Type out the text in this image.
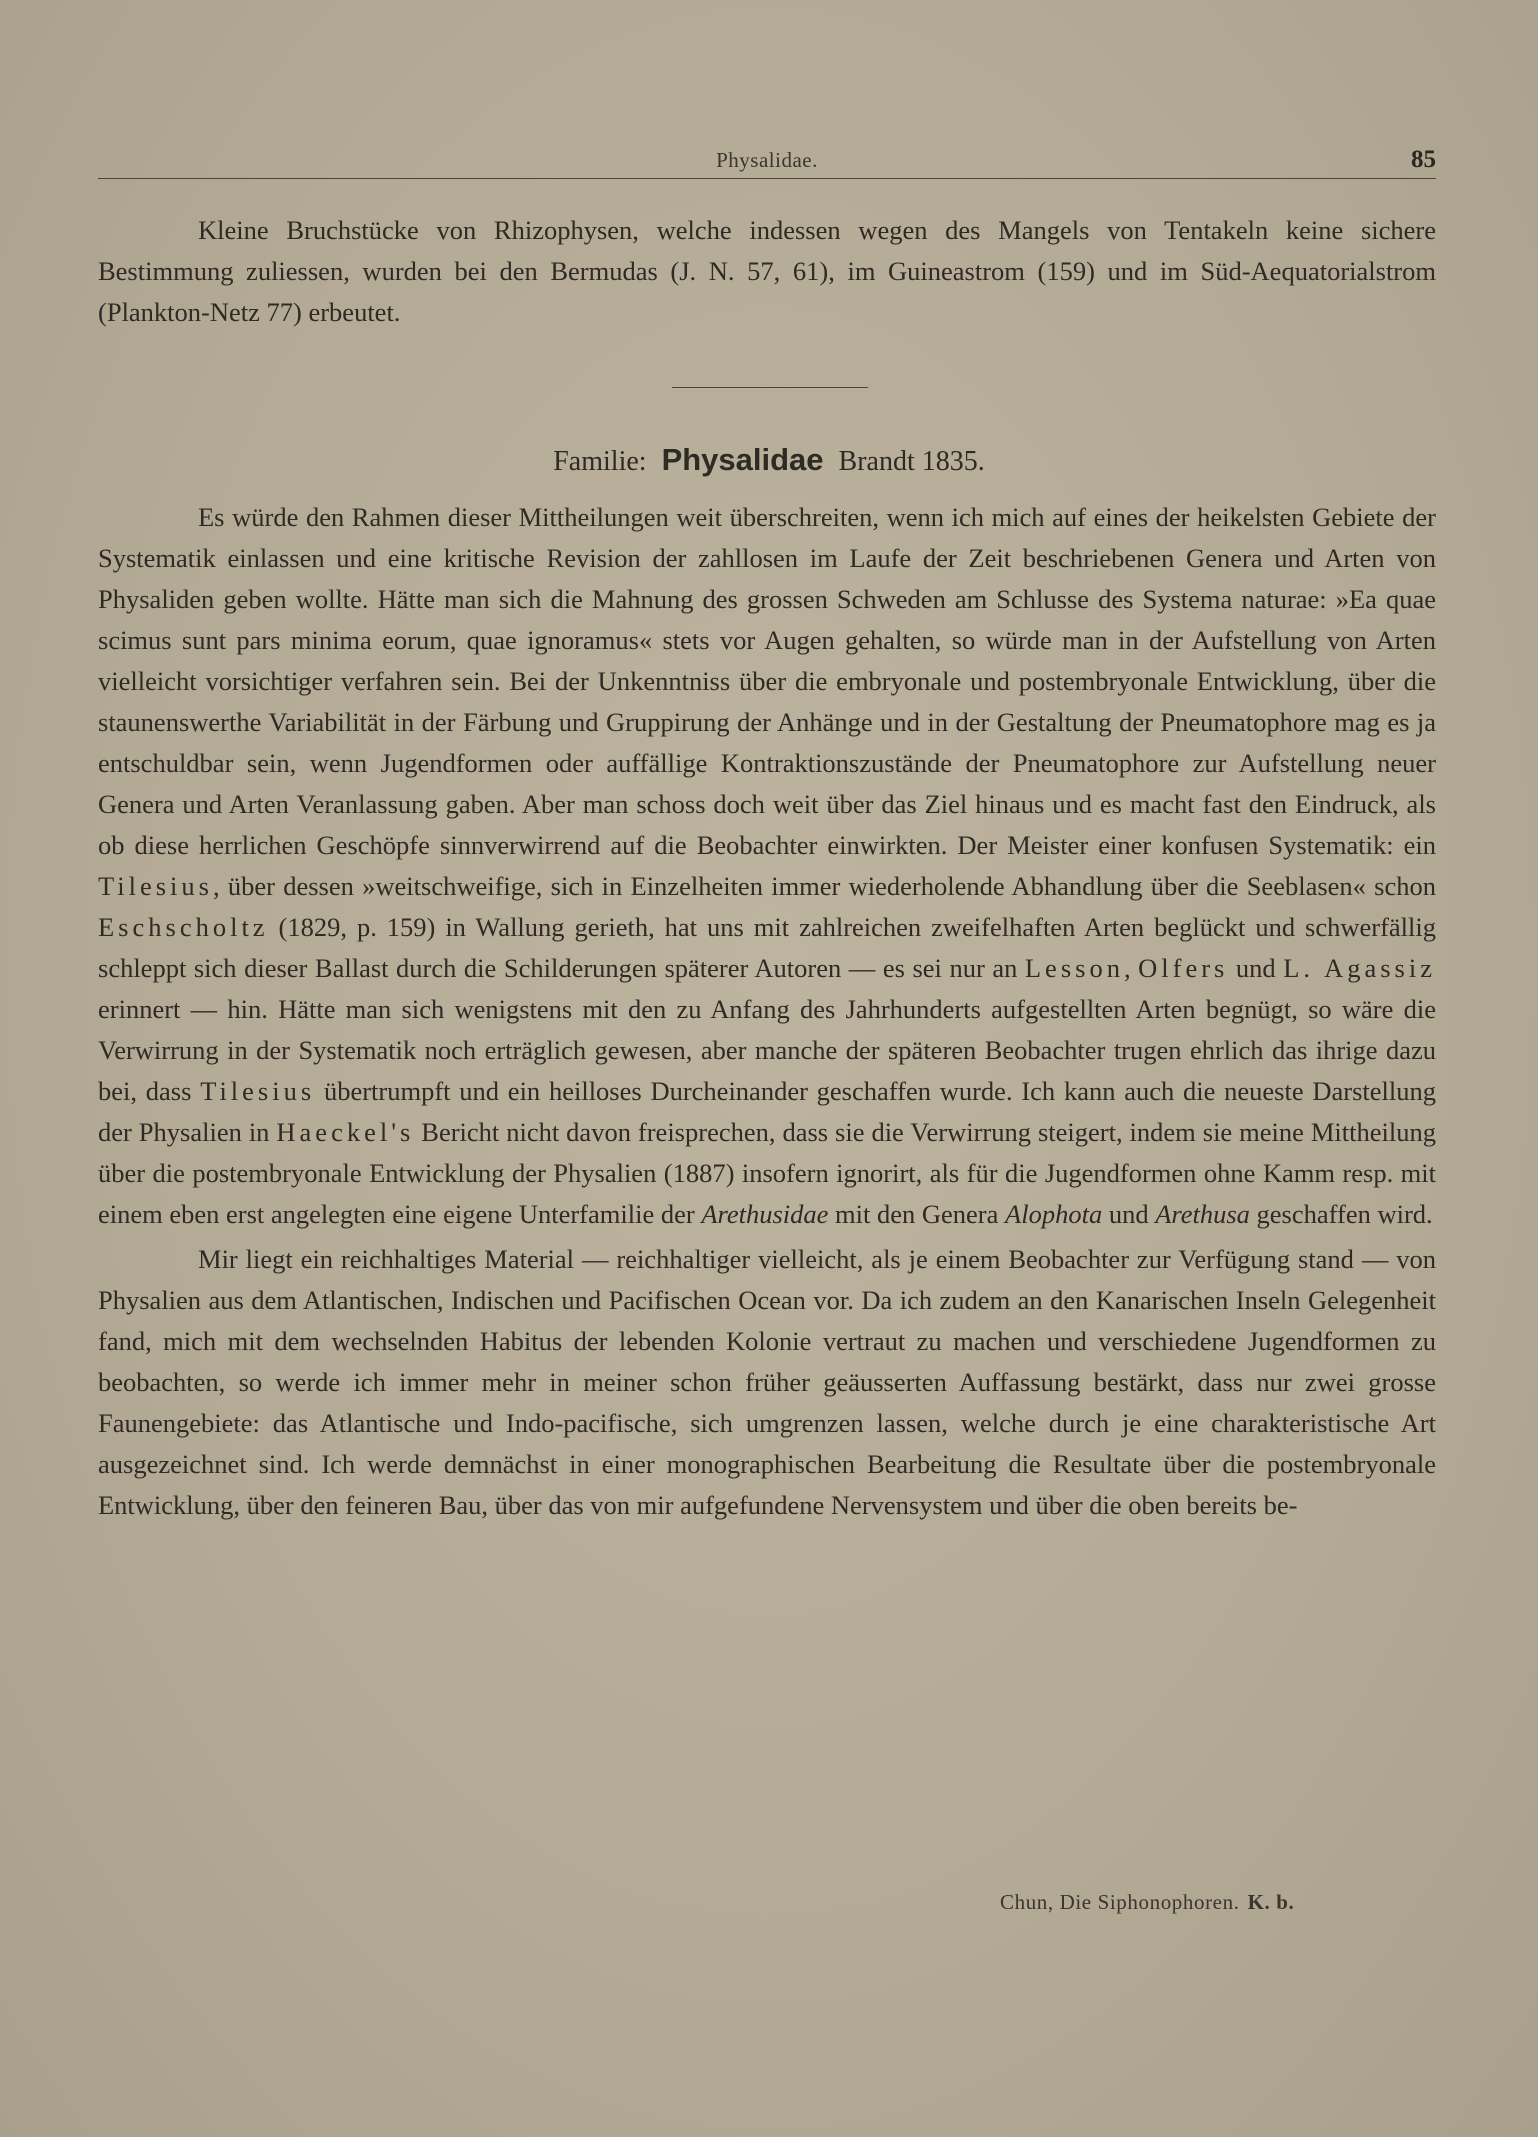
Physalidae.	85

Kleine Bruchstücke von Rhizophysen, welche indessen wegen des Mangels von Tentakeln keine sichere Bestimmung zuliessen, wurden bei den Bermudas (J. N. 57, 61), im Guineastrom (159) und im Süd-Aequatorialstrom (Plankton-Netz 77) erbeutet.

Familie: Physalidae Brandt 1835.

Es würde den Rahmen dieser Mittheilungen weit überschreiten, wenn ich mich auf eines der heikelsten Gebiete der Systematik einlassen und eine kritische Revision der zahllosen im Laufe der Zeit beschriebenen Genera und Arten von Physaliden geben wollte. Hätte man sich die Mahnung des grossen Schweden am Schlusse des Systema naturae: »Ea quae scimus sunt pars minima eorum, quae ignoramus« stets vor Augen gehalten, so würde man in der Aufstellung von Arten vielleicht vorsichtiger verfahren sein. Bei der Unkenntniss über die embryonale und postembryonale Entwicklung, über die staunenswerthe Variabilität in der Färbung und Gruppirung der Anhänge und in der Gestaltung der Pneumatophore mag es ja entschuldbar sein, wenn Jugendformen oder auffällige Kontraktionszustände der Pneumatophore zur Aufstellung neuer Genera und Arten Veranlassung gaben. Aber man schoss doch weit über das Ziel hinaus und es macht fast den Eindruck, als ob diese herrlichen Geschöpfe sinnverwirrend auf die Beobachter einwirkten. Der Meister einer konfusen Systematik: ein Tilesius, über dessen »weitschweifige, sich in Einzelheiten immer wiederholende Abhandlung über die Seeblasen« schon Eschscholtz (1829, p. 159) in Wallung gerieth, hat uns mit zahlreichen zweifelhaften Arten beglückt und schwerfällig schleppt sich dieser Ballast durch die Schilderungen späterer Autoren — es sei nur an Lesson, Olfers und L. Agassiz erinnert — hin. Hätte man sich wenigstens mit den zu Anfang des Jahrhunderts aufgestellten Arten begnügt, so wäre die Verwirrung in der Systematik noch erträglich gewesen, aber manche der späteren Beobachter trugen ehrlich das ihrige dazu bei, dass Tilesius übertrumpft und ein heilloses Durcheinander geschaffen wurde. Ich kann auch die neueste Darstellung der Physalien in Haeckel's Bericht nicht davon freisprechen, dass sie die Verwirrung steigert, indem sie meine Mittheilung über die postembryonale Entwicklung der Physalien (1887) insofern ignorirt, als für die Jugendformen ohne Kamm resp. mit einem eben erst angelegten eine eigene Unterfamilie der Arethusidae mit den Genera Alophota und Arethusa geschaffen wird.

Mir liegt ein reichhaltiges Material — reichhaltiger vielleicht, als je einem Beobachter zur Verfügung stand — von Physalien aus dem Atlantischen, Indischen und Pacifischen Ocean vor. Da ich zudem an den Kanarischen Inseln Gelegenheit fand, mich mit dem wechselnden Habitus der lebenden Kolonie vertraut zu machen und verschiedene Jugendformen zu beobachten, so werde ich immer mehr in meiner schon früher geäusserten Auffassung bestärkt, dass nur zwei grosse Faunengebiete: das Atlantische und Indo-pacifische, sich umgrenzen lassen, welche durch je eine charakteristische Art ausgezeichnet sind. Ich werde demnächst in einer monographischen Bearbeitung die Resultate über die postembryonale Entwicklung, über den feineren Bau, über das von mir aufgefundene Nervensystem und über die oben bereits be-

Chun, Die Siphonophoren. K. b.
